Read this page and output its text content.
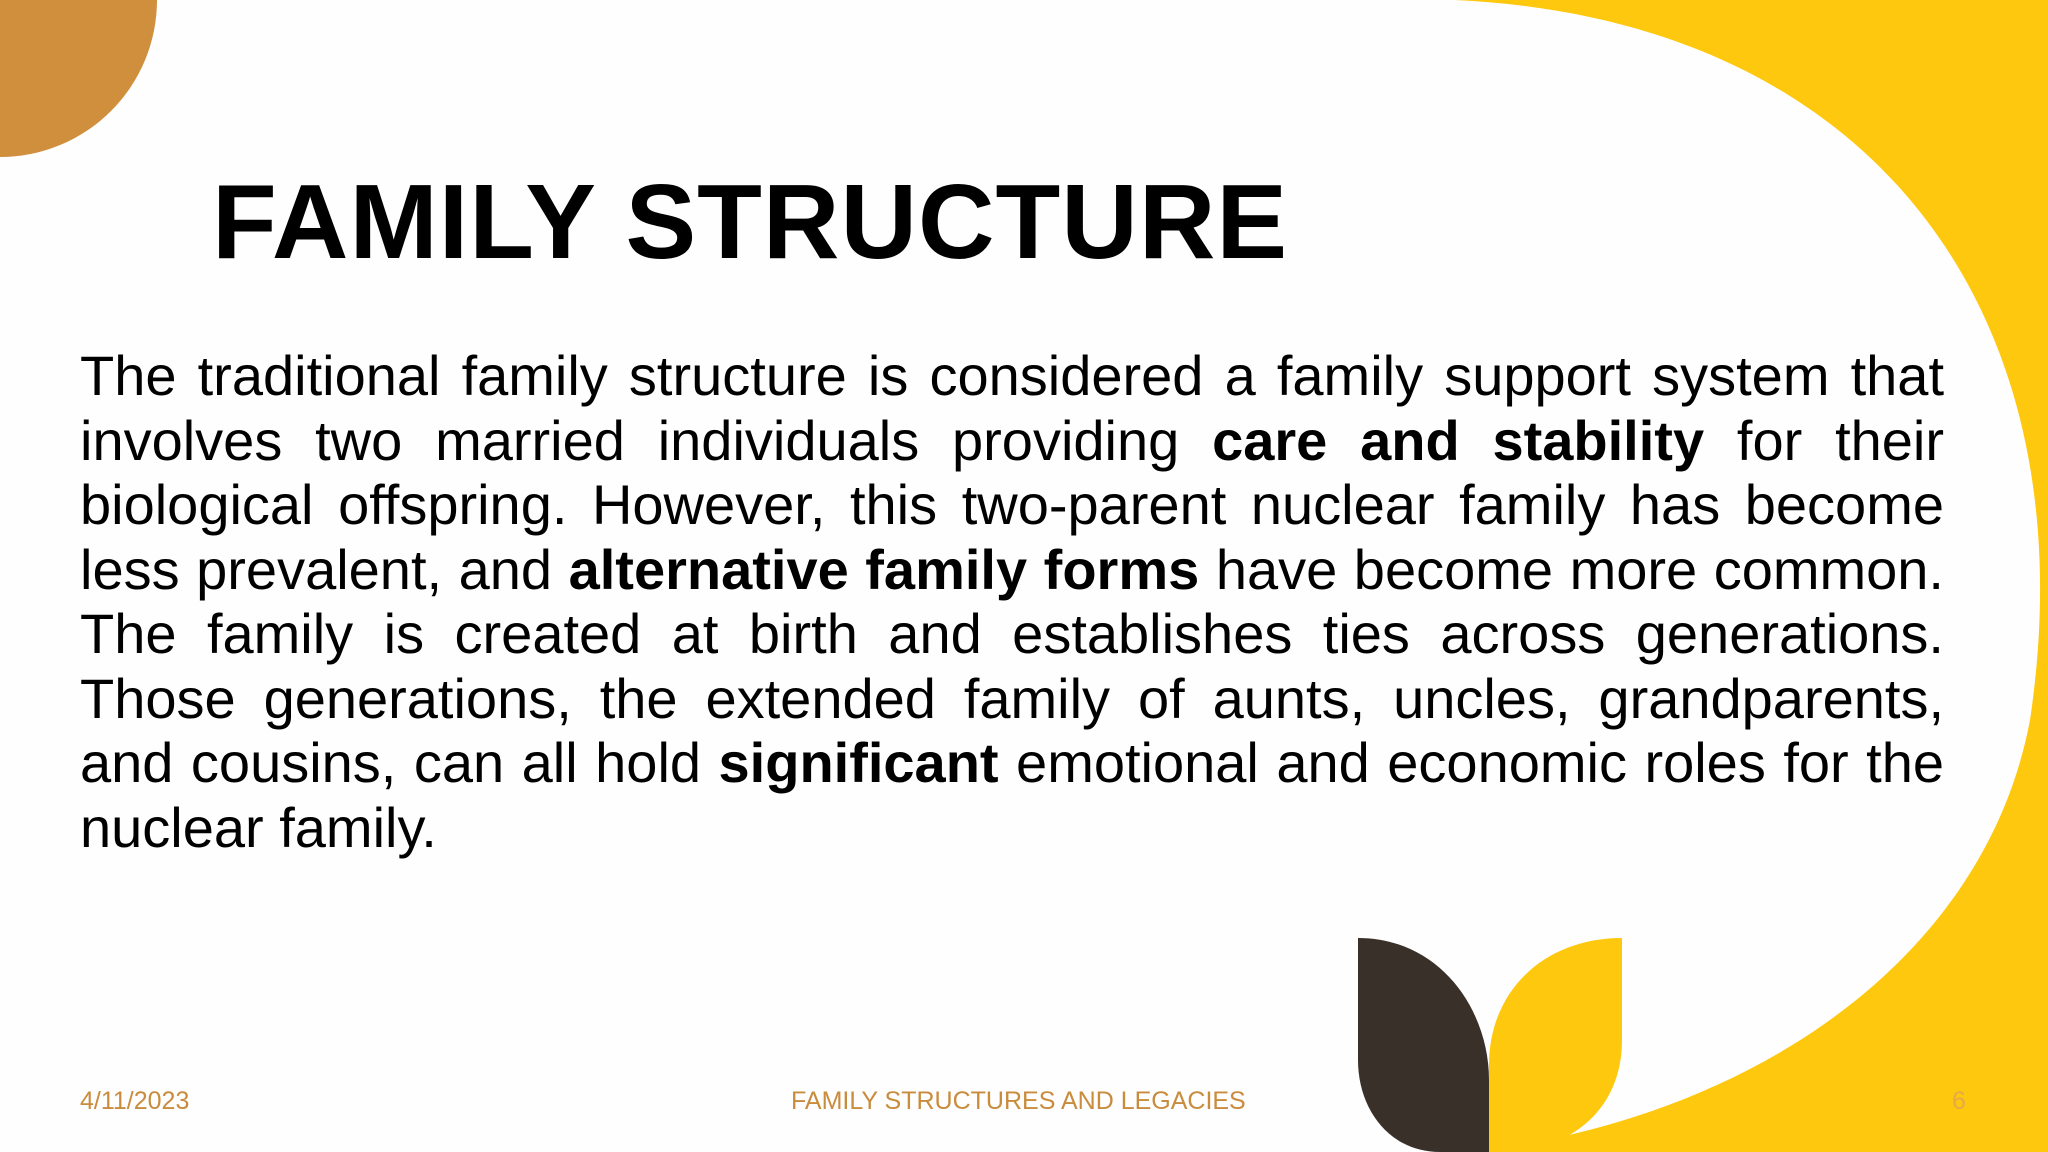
FAMILY STRUCTURE

The traditional family structure is considered a family support system that involves two married individuals providing care and stability for their biological offspring. However, this two-parent nuclear family has become less prevalent, and alternative family forms have become more common. The family is created at birth and establishes ties across generations. Those generations, the extended family of aunts, uncles, grandparents, and cousins, can all hold significant emotional and economic roles for the nuclear family.

4/11/2023	FAMILY STRUCTURES AND LEGACIES	6
